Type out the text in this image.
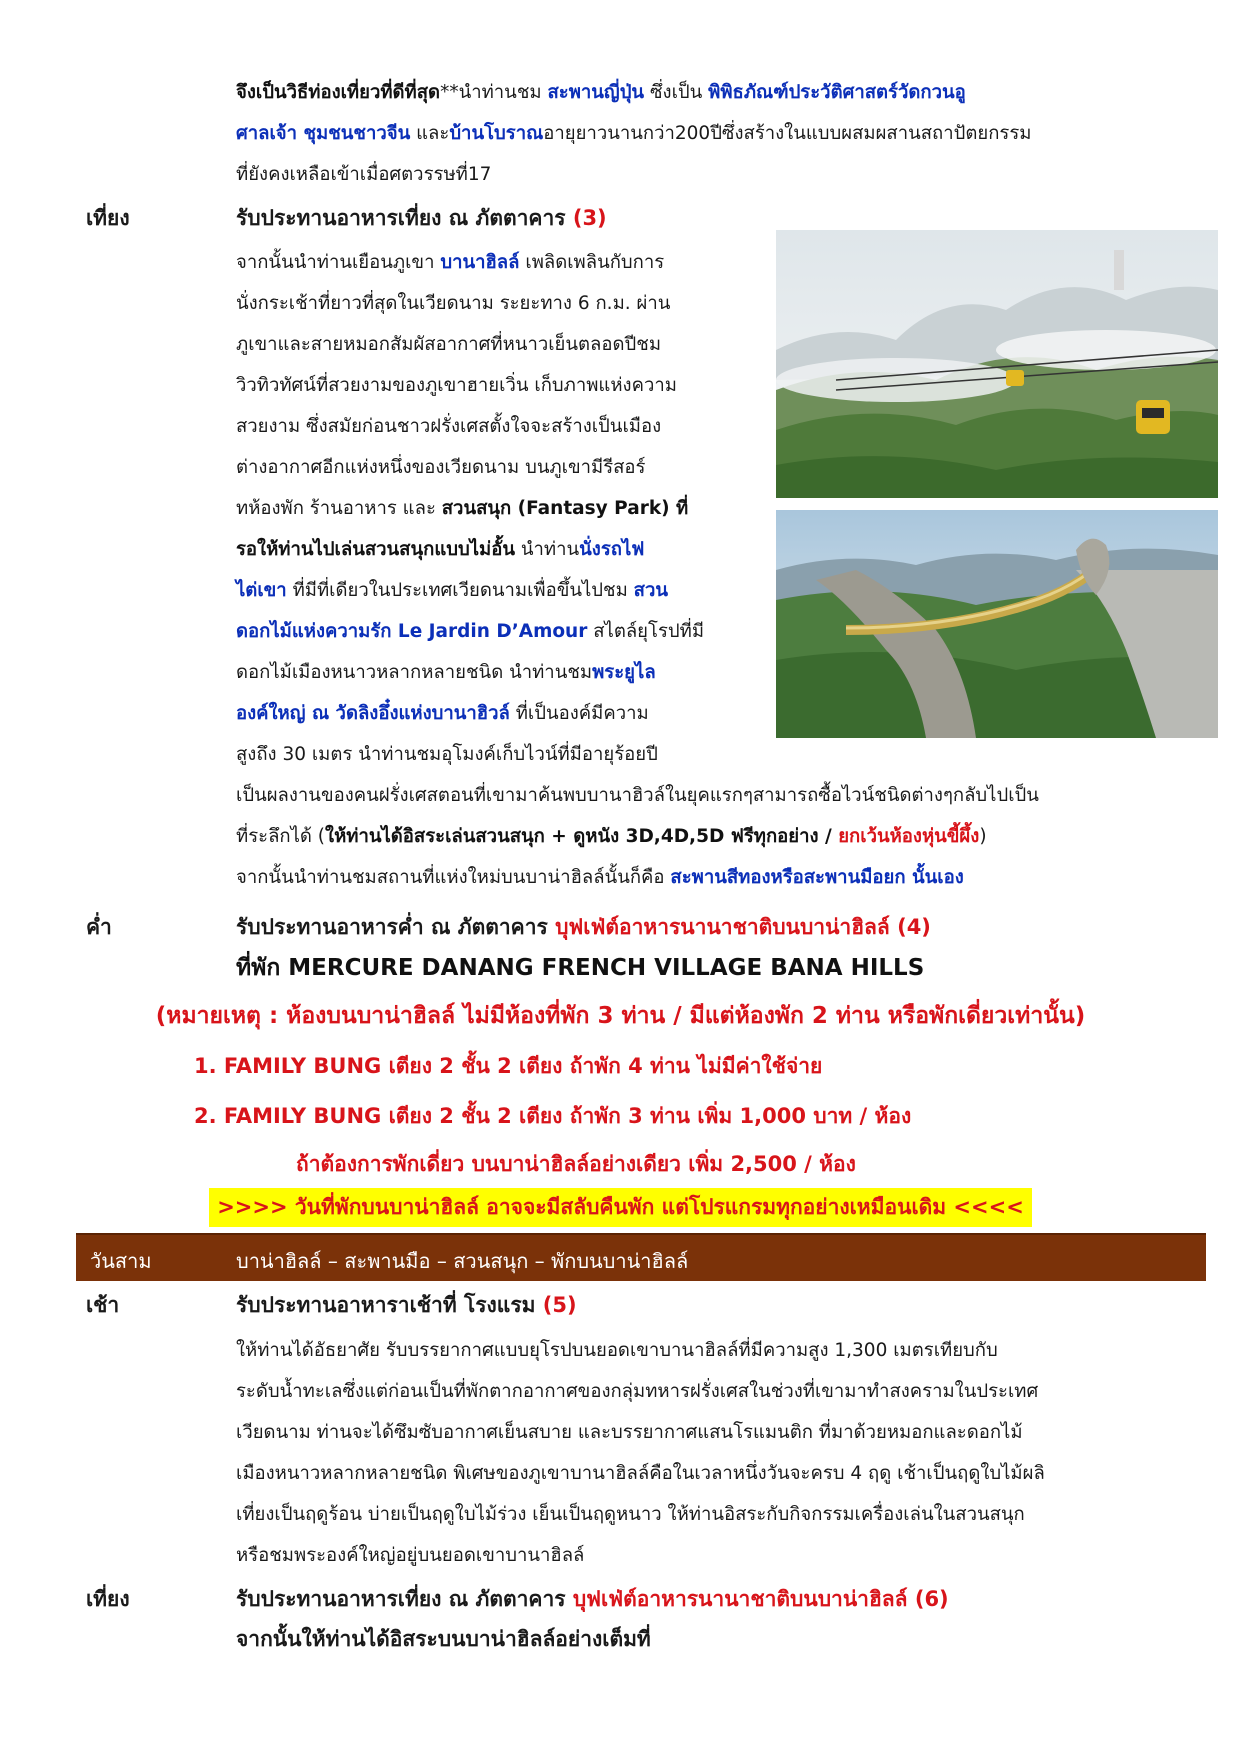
จึงเป็นวิธีท่องเที่ยวที่ดีที่สุด**นำท่านชม สะพานญี่ปุ่น ซึ่งเป็น พิพิธภัณฑ์ประวัติศาสตร์วัดกวนอู
ศาลเจ้า ชุมชนชาวจีน และบ้านโบราณอายุยาวนานกว่า200ปีซึ่งสร้างในแบบผสมผสานสถาปัตยกรรม
ที่ยังคงเหลือเข้าเมื่อศตวรรษที่17
เที่ยง	รับประทานอาหารเที่ยง ณ ภัตตาคาร (3)
จากนั้นนำท่านเยือนภูเขา บานาฮิลล์ เพลิดเพลินกับการ
นั่งกระเช้าที่ยาวที่สุดในเวียดนาม ระยะทาง 6 ก.ม. ผ่าน
ภูเขาและสายหมอกสัมผัสอากาศที่หนาวเย็นตลอดปีชม
วิวทิวทัศน์ที่สวยงามของภูเขาฮายเวิ่น เก็บภาพแห่งความ
สวยงาม ซึ่งสมัยก่อนชาวฝรั่งเศสตั้งใจจะสร้างเป็นเมือง
ต่างอากาศอีกแห่งหนึ่งของเวียดนาม บนภูเขามีรีสอร์
ทห้องพัก ร้านอาหาร และ สวนสนุก (Fantasy Park) ที่
รอให้ท่านไปเล่นสวนสนุกแบบไม่อั้น นำท่านนั่งรถไฟ
ไต่เขา ที่มีที่เดียวในประเทศเวียดนามเพื่อขึ้นไปชม สวน
ดอกไม้แห่งความรัก Le Jardin D’Amour สไตล์ยุโรปที่มี
ดอกไม้เมืองหนาวหลากหลายชนิด นำท่านชมพระยูไล
องค์ใหญ่ ณ วัดลิงอึ๋งแห่งบานาฮิวล์ ที่เป็นองค์มีความ
สูงถึง 30 เมตร นำท่านชมอุโมงค์เก็บไวน์ที่มีอายุร้อยปี
เป็นผลงานของคนฝรั่งเศสตอนที่เขามาค้นพบบานาฮิวล์ในยุคแรกๆสามารถซื้อไวน์ชนิดต่างๆกลับไปเป็น
ที่ระลึกได้ (ให้ท่านได้อิสระเล่นสวนสนุก + ดูหนัง 3D,4D,5D ฟรีทุกอย่าง / ยกเว้นห้องหุ่นขี้ผึ้ง)
จากนั้นนำท่านชมสถานที่แห่งใหม่บนบาน่าฮิลล์นั้นก็คือ สะพานสีทองหรือสะพานมือยก นั้นเอง
ค่ำ	รับประทานอาหารค่ำ ณ ภัตตาคาร บุฟเฟ่ต์อาหารนานาชาติบนบาน่าฮิลล์ (4)
ที่พัก MERCURE DANANG FRENCH VILLAGE BANA HILLS
(หมายเหตุ : ห้องบนบาน่าฮิลล์ ไม่มีห้องที่พัก 3 ท่าน / มีแต่ห้องพัก 2 ท่าน หรือพักเดี่ยวเท่านั้น)
1. FAMILY BUNG เตียง 2 ชั้น 2 เตียง ถ้าพัก 4 ท่าน ไม่มีค่าใช้จ่าย
2. FAMILY BUNG เตียง 2 ชั้น 2 เตียง ถ้าพัก 3 ท่าน เพิ่ม 1,000 บาท / ห้อง
ถ้าต้องการพักเดี่ยว บนบาน่าฮิลล์อย่างเดียว เพิ่ม 2,500 / ห้อง
>>>> วันที่พักบนบาน่าฮิลล์ อาจจะมีสลับคืนพัก แต่โปรแกรมทุกอย่างเหมือนเดิม <<<<
วันสาม	บาน่าฮิลล์ – สะพานมือ – สวนสนุก – พักบนบาน่าฮิลล์
เช้า	รับประทานอาหาราเช้าที่ โรงแรม (5)
ให้ท่านได้อัธยาศัย รับบรรยากาศแบบยุโรปบนยอดเขาบานาฮิลล์ที่มีความสูง 1,300 เมตรเทียบกับ
ระดับน้ำทะเลซึ่งแต่ก่อนเป็นที่พักตากอากาศของกลุ่มทหารฝรั่งเศสในช่วงที่เขามาทำสงครามในประเทศ
เวียดนาม ท่านจะได้ซึมซับอากาศเย็นสบาย และบรรยากาศแสนโรแมนติก ที่มาด้วยหมอกและดอกไม้
เมืองหนาวหลากหลายชนิด พิเศษของภูเขาบานาฮิลล์คือในเวลาหนึ่งวันจะครบ 4 ฤดู เช้าเป็นฤดูใบไม้ผลิ
เที่ยงเป็นฤดูร้อน บ่ายเป็นฤดูใบไม้ร่วง เย็นเป็นฤดูหนาว ให้ท่านอิสระกับกิจกรรมเครื่องเล่นในสวนสนุก
หรือชมพระองค์ใหญ่อยู่บนยอดเขาบานาฮิลล์
เที่ยง	รับประทานอาหารเที่ยง ณ ภัตตาคาร บุฟเฟ่ต์อาหารนานาชาติบนบาน่าฮิลล์ (6)
จากนั้นให้ท่านได้อิสระบนบาน่าฮิลล์อย่างเต็มที่
